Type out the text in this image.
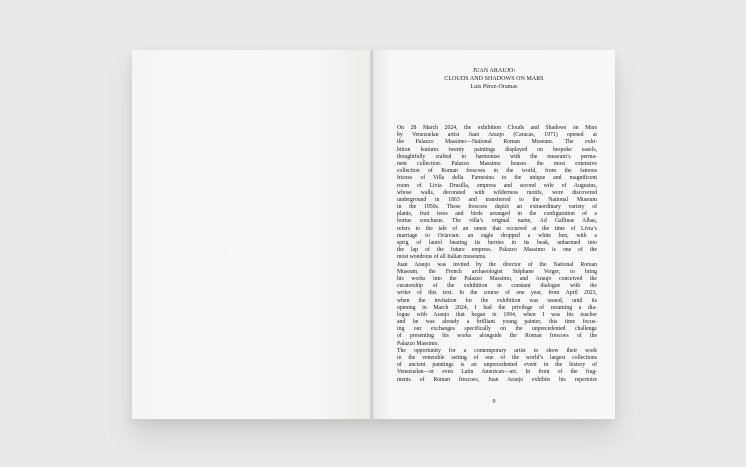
JUAN ARAUJO:
CLOUDS AND SHADOWS ON MARS
Luis Pérez-Oramas
On 28 March 2024, the exhibition Clouds and Shadows on Mars
by Venezuelan artist Juan Araujo (Caracas, 1971) opened at
the Palazzo Massimo—National Roman Museum. The exhi-
bition features twenty paintings displayed on bespoke easels,
thoughtfully crafted to harmonise with the museum’s perma-
nent collection. Palazzo Massimo houses the most extensive
collection of Roman frescoes in the world, from the famous
friezes of Villa della Farnesina to the unique and magnificent
room of Livia Drusilla, empress and second wife of Augustus,
whose walls, decorated with wilderness motifs, were discovered
underground in 1863 and transferred to the National Museum
in the 1950s. These frescoes depict an extraordinary variety of
plants, fruit trees and birds arranged in the configuration of a
hortus conclusus. The villa’s original name, Ad Gallinas Albas,
refers to the tale of an omen that occurred at the time of Livia’s
marriage to Octavian: an eagle dropped a white hen, with a
sprig of laurel bearing its berries in its beak, unharmed into
the lap of the future empress. Palazzo Massimo is one of the
most wondrous of all Italian museums.
Juan Araujo was invited by the director of the National Roman
Museum, the French archaeologist Stéphane Verger, to bring
his works into the Palazzo Massimo, and Araujo conceived the
curatorship of the exhibition in constant dialogue with the
writer of this text. In the course of one year, from April 2023,
when the invitation for the exhibition was issued, until its
opening in March 2024, I had the privilege of resuming a dia-
logue with Araujo that began in 1994, when I was his teacher
and he was already a brilliant young painter, this time focus-
ing our exchanges specifically on the unprecedented challenge
of presenting his works alongside the Roman frescoes of the
Palazzo Massimo.
The opportunity for a contemporary artist to show their work
in the venerable setting of one of the world’s largest collections
of ancient paintings is an unprecedented event in the history of
Venezuelan—or even Latin American—art. In front of the frag-
ments of Roman frescoes, Juan Araujo exhibits his repertoire
9
